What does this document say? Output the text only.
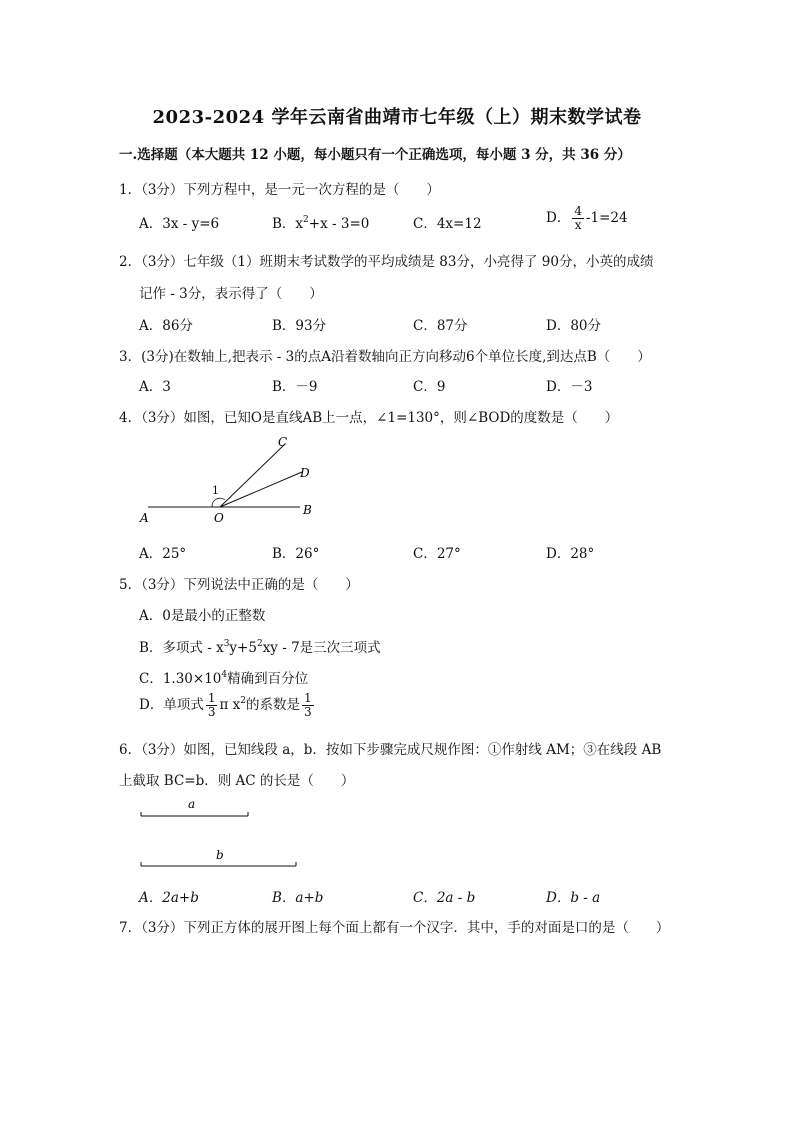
2023-2024 学年云南省曲靖市七年级（上）期末数学试卷
一.选择题（本大题共 12 小题，每小题只有一个正确选项，每小题 3 分，共 36 分）
1．（3分）下列方程中，是一元一次方程的是（　　）
A．3x - y=6	B．$x^2+x - 3=0$	C．4x=12	D． $\frac{4}{x} -1=24$
2．（3分）七年级（1）班期末考试数学的平均成绩是 83分，小亮得了 90分，小英的成绩
记作 - 3分，表示得了（　　）
A．86分	B．93分	C．87分	D．80分
3．(3分)在数轴上,把表示 - 3的点A沿着数轴向正方向移动6个单位长度,到达点B（　　）
A．3	B．－9	C．9	D．－3
4．（3分）如图，已知O是直线AB上一点，∠1=130°，则∠BOD的度数是（　　）
A	O
B
C
D
1
A．25°	B．26°	C．27°	D．28°
5．（3分）下列说法中正确的是（　　）
A．0是最小的正整数
B．多项式 - $x^3y+5^2xy - 7$是三次三项式
C．$1.30\times 10^4$精确到百分位
D．单项式 $\frac{1}{3}$ π $x^2$的系数是 $\frac{1}{3}$
6．（3分）如图，已知线段 a，b．按如下步骤完成尺规作图：①作射线 AM；③在线段 AB
上截取 BC=b．则 AC 的长是（　　）
a
b
A．2a+b	B．a+b	C．2a - b	D．b - a
7．（3分）下列正方体的展开图上每个面上都有一个汉字．其中，手的对面是口的是（　　）
